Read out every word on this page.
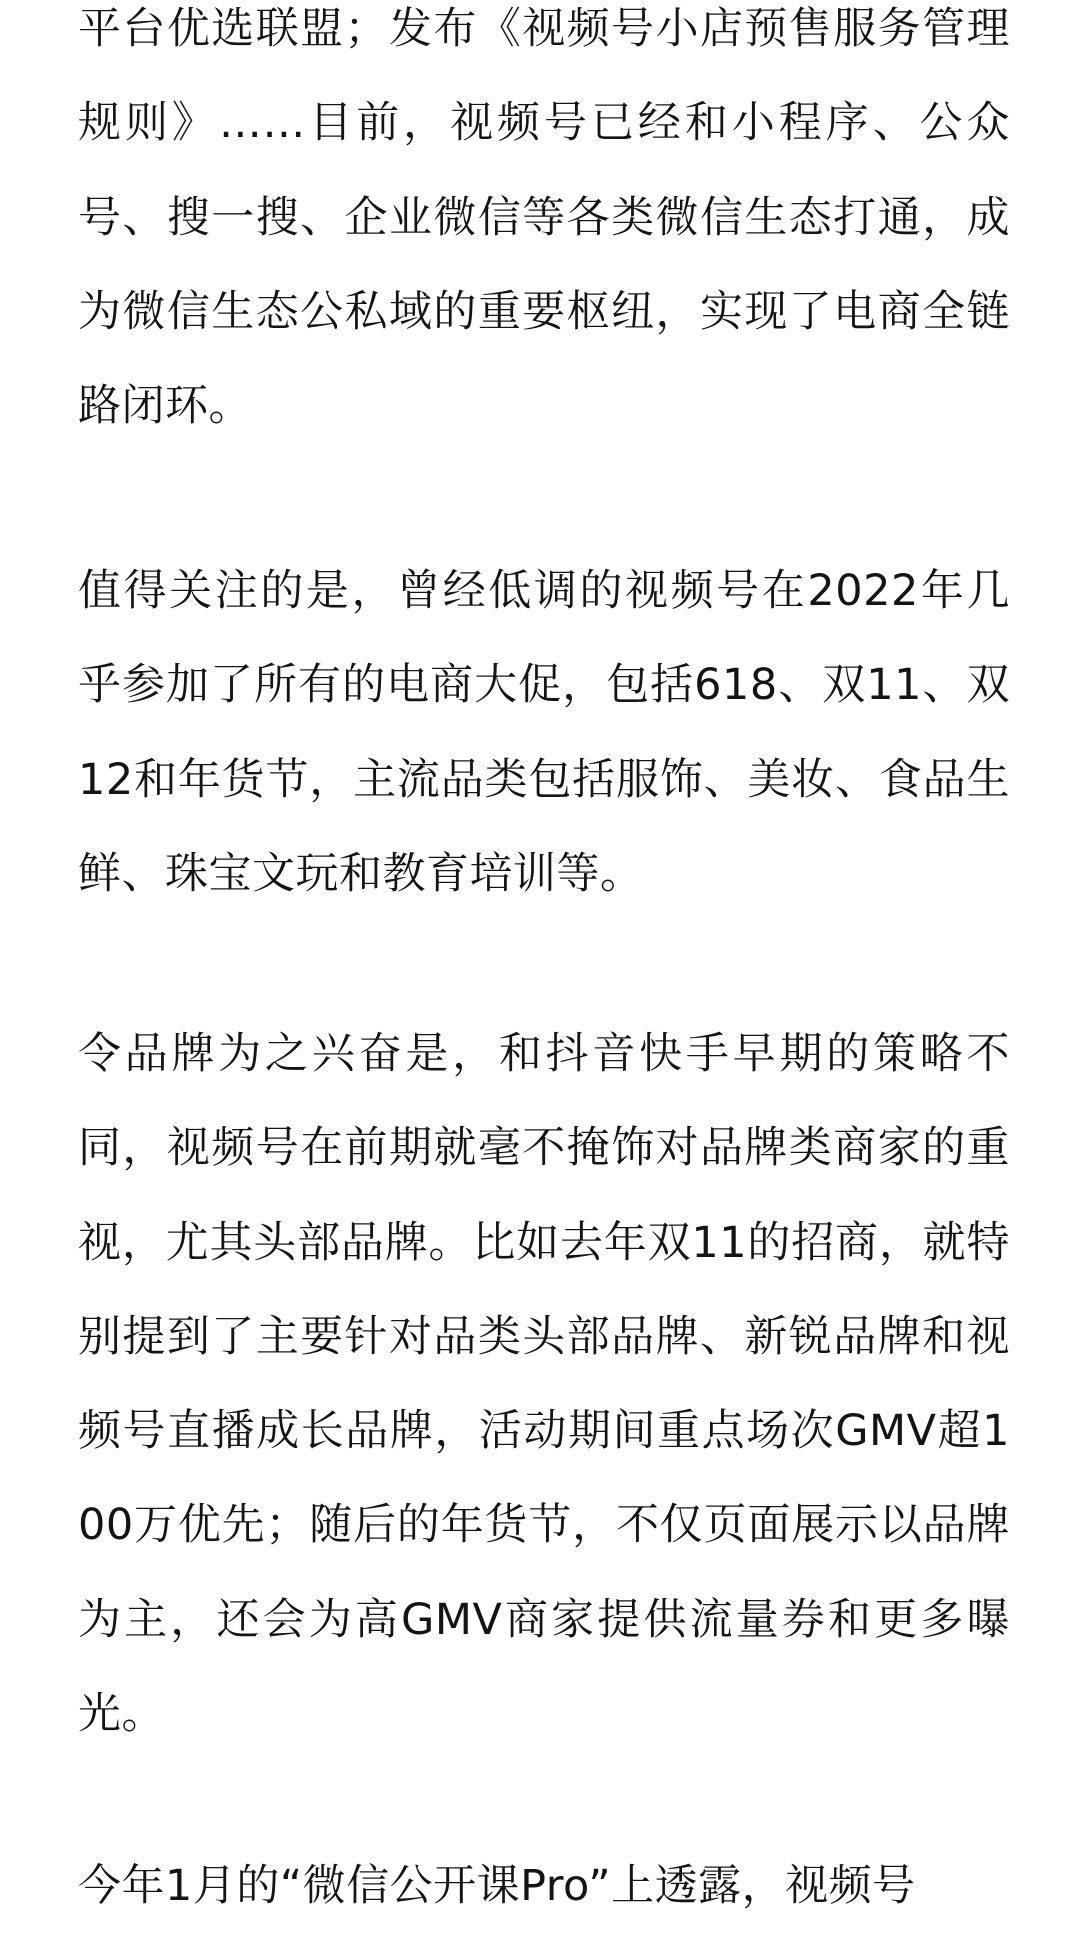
平台优选联盟；发布《视频号小店预售服务管理规则》……目前，视频号已经和小程序、公众号、搜一搜、企业微信等各类微信生态打通，成为微信生态公私域的重要枢纽，实现了电商全链路闭环。

值得关注的是，曾经低调的视频号在2022年几乎参加了所有的电商大促，包括618、双11、双12和年货节，主流品类包括服饰、美妆、食品生鲜、珠宝文玩和教育培训等。

令品牌为之兴奋是，和抖音快手早期的策略不同，视频号在前期就毫不掩饰对品牌类商家的重视，尤其头部品牌。比如去年双11的招商，就特别提到了主要针对品类头部品牌、新锐品牌和视频号直播成长品牌，活动期间重点场次GMV超100万优先；随后的年货节，不仅页面展示以品牌为主，还会为高GMV商家提供流量券和更多曝光。

今年1月的“微信公开课Pro”上透露，视频号
